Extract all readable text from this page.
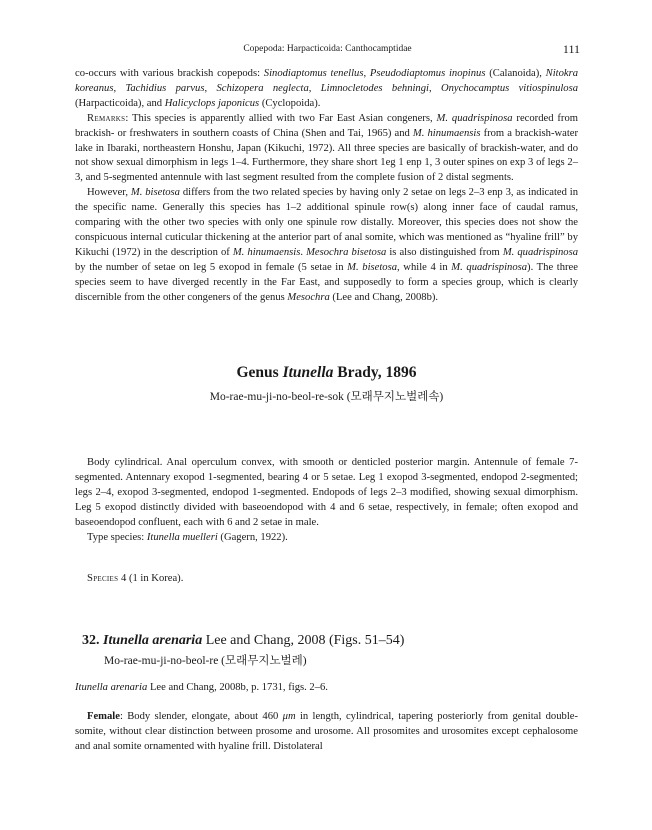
Copepoda: Harpacticoida: Canthocamptidae	111

co-occurs with various brackish copepods: Sinodiaptomus tenellus, Pseudodiaptomus inopinus (Calanoida), Nitokra koreanus, Tachidius parvus, Schizopera neglecta, Limnocletodes behningi, Onychocamptus vitiospinulosa (Harpacticoida), and Halicyclops japonicus (Cyclopoida).

Remarks: This species is apparently allied with two Far East Asian congeners, M. quadrispinosa recorded from brackish- or freshwaters in southern coasts of China (Shen and Tai, 1965) and M. hinumaensis from a brackish-water lake in Ibaraki, northeastern Honshu, Japan (Kikuchi, 1972). All three species are basically of brackish-water, and do not show sexual dimorphism in legs 1–4. Furthermore, they share short 1eg 1 enp 1, 3 outer spines on exp 3 of legs 2–3, and 5-segmented antennule with last segment resulted from the complete fusion of 2 distal segments.

However, M. bisetosa differs from the two related species by having only 2 setae on legs 2–3 enp 3, as indicated in the specific name. Generally this species has 1–2 additional spinule row(s) along inner face of caudal ramus, comparing with the other two species with only one spinule row distally. Moreover, this species does not show the conspicuous internal cuticular thickening at the anterior part of anal somite, which was mentioned as “hyaline frill” by Kikuchi (1972) in the description of M. hinumaensis. Mesochra bisetosa is also distinguished from M. quadrispinosa by the number of setae on leg 5 exopod in female (5 setae in M. bisetosa, while 4 in M. quadrispinosa). The three species seem to have diverged recently in the Far East, and supposedly to form a species group, which is clearly discernible from the other congeners of the genus Mesochra (Lee and Chang, 2008b).

Genus Itunella Brady, 1896
Mo-rae-mu-ji-no-beol-re-sok (모래무지노벌레속)

Body cylindrical. Anal operculum convex, with smooth or denticled posterior margin. Antennule of female 7-segmented. Antennary exopod 1-segmented, bearing 4 or 5 setae. Leg 1 exopod 3-segmented, endopod 2-segmented; legs 2–4, exopod 3-segmented, endopod 1-segmented. Endopods of legs 2–3 modified, showing sexual dimorphism. Leg 5 exopod distinctly divided with baseoendopod with 4 and 6 setae, respectively, in female; often exopod and baseoendopod confluent, each with 6 and 2 setae in male.

Type species: Itunella muelleri (Gagern, 1922).

Species 4 (1 in Korea).

32. Itunella arenaria Lee and Chang, 2008 (Figs. 51–54)
Mo-rae-mu-ji-no-beol-re (모래무지노벌레)

Itunella arenaria Lee and Chang, 2008b, p. 1731, figs. 2–6.

Female: Body slender, elongate, about 460 μm in length, cylindrical, tapering posteriorly from genital double-somite, without clear distinction between prosome and urosome. All prosomites and urosomites except cephalosome and anal somite ornamented with hyaline frill. Distolateral
